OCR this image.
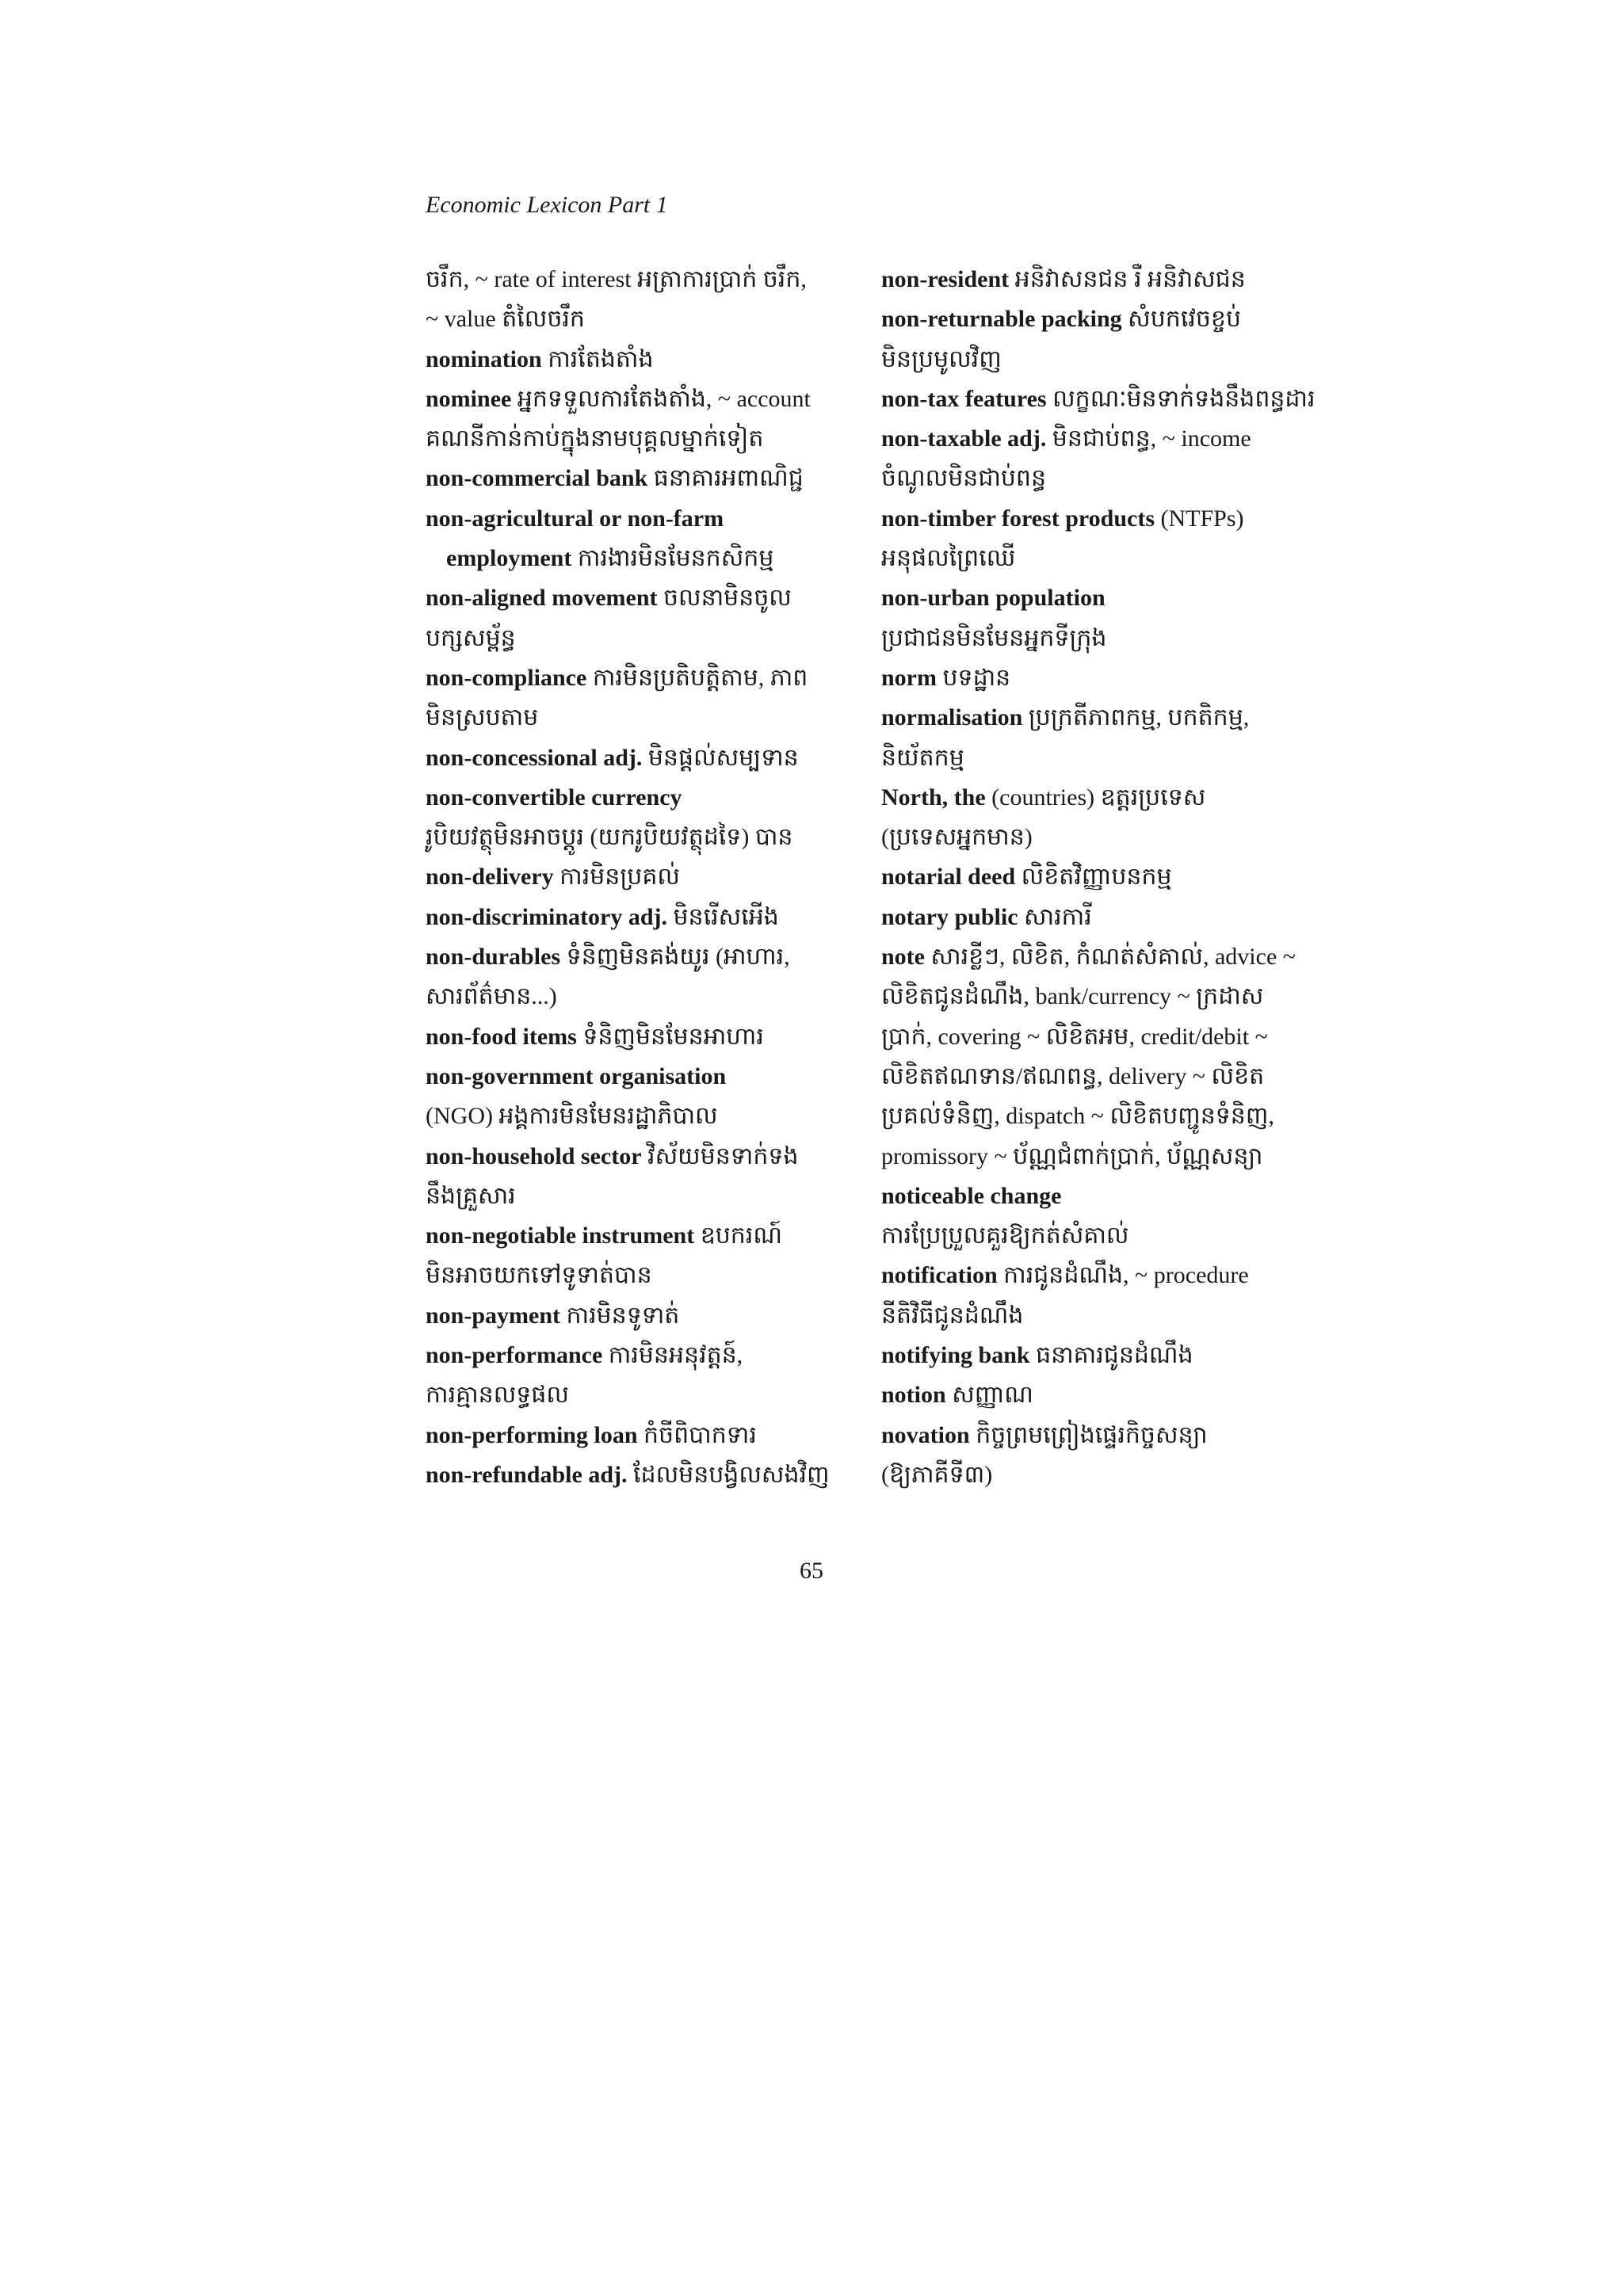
Economic Lexicon Part 1

ចរឹក, ~ rate of interest អត្រាការប្រាក់ ចរឹក,

~ value តំលៃចរឹក

nomination ការតែងតាំង

nominee អ្នកទទួលការតែងតាំង, ~ account

គណនីកាន់កាប់ក្នុងនាមបុគ្គលម្នាក់ទៀត

non-commercial bank ធនាគារអពាណិជ្ជ

non-agricultural or non-farm

employment ការងារមិនមែនកសិកម្ម

non-aligned movement ចលនាមិនចូល

បក្សសម្ព័ន្ធ

non-compliance ការមិនប្រតិបត្តិតាម, ភាព

មិនស្របតាម

non-concessional adj. មិនផ្ដល់សម្បទាន

non-convertible currency

រូបិយវត្ថុមិនអាចប្ដូរ (យករូបិយវត្ថុដទៃ) បាន

non-delivery ការមិនប្រគល់

non-discriminatory adj. មិនរើសអើង

non-durables ទំនិញមិនគង់យូរ (អាហារ,

សារព័ត៌មាន...)

non-food items ទំនិញមិនមែនអាហារ

non-government organisation

(NGO) អង្គការមិនមែនរដ្ឋាភិបាល

non-household sector វិស័យមិនទាក់ទង

នឹងគ្រួសារ

non-negotiable instrument ឧបករណ៍

មិនអាចយកទៅទូទាត់បាន

non-payment ការមិនទូទាត់

non-performance ការមិនអនុវត្តន៍,

ការគ្មានលទ្ធផល

non-performing loan កំចីពិបាកទារ

non-refundable adj. ដែលមិនបង្វិលសងវិញ

non-resident អនិវាសនជន រឺ អនិវាសជន

non-returnable packing សំបកវេចខ្ចប់

មិនប្រមូលវិញ

non-tax features លក្ខណៈមិនទាក់ទងនឹងពន្ធដារ

non-taxable adj. មិនជាប់ពន្ធ, ~ income

ចំណូលមិនជាប់ពន្ធ

non-timber forest products (NTFPs)

អនុផលព្រៃឈើ

non-urban population

ប្រជាជនមិនមែនអ្នកទីក្រុង

norm បទដ្ឋាន

normalisation ប្រក្រតីភាពកម្ម, បកតិកម្ម,

និយ័តកម្ម

North, the (countries) ឧត្តរប្រទេស

(ប្រទេសអ្នកមាន)

notarial deed លិខិតវិញ្ញាបនកម្ម

notary public សារការី

note សារខ្លីៗ, លិខិត, កំណត់សំគាល់, advice ~

លិខិតជូនដំណឹង, bank/currency ~ ក្រដាស

ប្រាក់, covering ~ លិខិតអម, credit/debit ~

លិខិតឥណទាន/ឥណពន្ធ, delivery ~ លិខិត

ប្រគល់ទំនិញ, dispatch ~ លិខិតបញ្ជូនទំនិញ,

promissory ~ ប័ណ្ណជំពាក់ប្រាក់, ប័ណ្ណសន្យា

noticeable change

ការប្រែប្រួលគួរឱ្យកត់សំគាល់

notification ការជូនដំណឹង, ~ procedure

នីតិវិធីជូនដំណឹង

notifying bank ធនាគារជូនដំណឹង

notion សញ្ញាណ

novation កិច្ចព្រមព្រៀងផ្ទេរកិច្ចសន្យា

(ឱ្យភាគីទី៣)

65
